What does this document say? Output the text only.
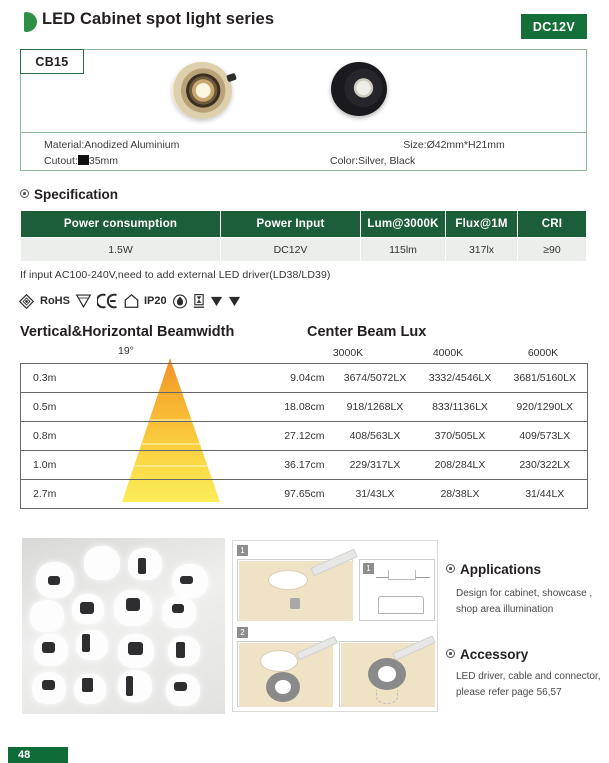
LED Cabinet spot light series	DC12V
CB15
Material:Anodized Aluminium
Cutout: 35mm
Size:Ø42mm*H21mm
Color:Silver, Black
Specification
Power consumption	Power Input	Lum@3000K	Flux@1M	CRI
1.5W	DC12V	115lm	317lx	≥90
If input AC100-240V,need to add external LED driver(LD38/LD39)
RoHS	IP20
Vertical&Horizontal Beamwidth	Center Beam Lux
19°	3000K	4000K	6000K
0.3m		9.04cm	3674/5072LX	3332/4546LX	3681/5160LX
0.5m		18.08cm	918/1268LX	833/1136LX	920/1290LX
0.8m		27.12cm	408/563LX	370/505LX	409/573LX
1.0m		36.17cm	229/317LX	208/284LX	230/322LX
2.7m		97.65cm	31/43LX	28/38LX	31/44LX
1
1
2
Applications
Design for cabinet, showcase , shop area illumination
Accessory
LED driver, cable and connector, please refer page 56,57
48
